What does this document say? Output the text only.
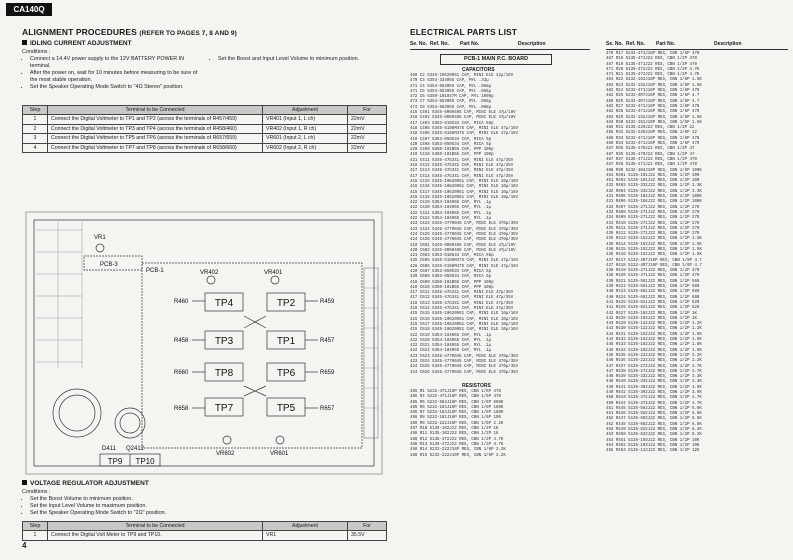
CA140Q
4
ALIGNMENT PROCEDURES (REFER TO PAGES 7, 8 AND 9)
IDLING CURRENT ADJUSTMENT
Conditions :
• Connect a 14.4V power supply to the 12V BATTERY POWER IN terminal.
• After the power on, wait for 10 minutes before measuring to be sure of the most stable operation.
• Set the Speaker Operating Mode Switch to "4Ω Stereo" position.
• Set the Boost and Input Level Volume to minimum position.
Step	Terminal to be Connected	Adjustment	For
1	Connect the Digital Voltmeter to TP1 and TP2 (across the terminals of R457/459)	VR401 (Input 1, L ch)	22mV
2	Connect the Digital Voltmeter to TP3 and TP4 (across the terminals of R458/460)	VR402 (Input 1, R ch)	22mV
3	Connect the Digital Voltmeter to TP5 and TP6 (across the terminals of R657/659)	VR601 (Input 2, L ch)	22mV
4	Connect the Digital Voltmeter to TP7 and TP8 (across the terminals of R658/660)	VR602 (Input 2, R ch)	22mV
VR1
PCB-3
PCB-1	VR402	VR401
R460	R459
R458	R457
R660	R659
R658	R657
D411 Q2412
VR602	VR601
TP4	TP2
TP3	TP1
TP8	TP6
TP7	TP5
TP9 TP10
VOLTAGE REGULATOR ADJUSTMENT
Conditions :
• Set the Boost Volume to minimum position.
• Set the Input Level Volume to maximum position.
• Set the Speaker Operating Mode Switch to "2Ω" position.
Step	Terminal to be Connected	Adjustment	For
1	Connect the Digital Volt Meter to TP9 and TP10.	VR1	35.5V
ELECTRICAL PARTS LIST
Se. No. Ref. No. Part No.	Description	Se. No. Ref. No. Part No.	Description
PCB-1 MAIN P.C. BOARD
CAPACITORS
469 C2 5345-10620951 CAP, MINI ELE 22µ/16V
470 C3 5354-334055 CAP, MYL .33µ
471 C4 5354-683055 CAP, MYL .068µ
471 C5 5354-683055 CAP, MYL .068µ
472 C6 5350-101047M CAP, MYL 1000p
473 C7 5354-683055 CAP, MYL .068µ
474 C8 5354-683055 CAP, MYL .068µ
415 C401 5345-6R60495 CAP, MINI ELE 47µ/10V
416 C402 5345-6R60495 CAP, MINI ELE 47µ/10V
417 C403 5353-010534 CAP, MICA 68p
418 C405 5345-5196M475 CAP, MINI ELE 47µ/16V
418 C406 5345-5196M475 CAP, MINI ELE 47µ/16V
419 C407 5353-050534 CAP, MICA 5p
420 C408 5353-050534 CAP, MICA 5p
420 C409 5350-101B55 CAP, PPP 100p
419 C410 5350-101B55 CAP, PPP 100p
421 C411 5345-47G341 CAP, MINI ELE 47µ/35V
416 C412 5345-47G341 CAP, MINI ELE 47µ/35V
417 C413 5345-47G341 CAP, MINI ELE 47µ/35V
417 C414 5345-47G341 CAP, MINI ELE 47µ/35V
415 C415 5345-10620951 CAP, MINI ELE 10µ/16V
415 C416 5345-10620951 CAP, MINI ELE 10µ/16V
415 C417 5345-10620951 CAP, MINI ELE 10µ/16V
415 C418 5345-10620951 CAP, MINI ELE 10µ/16V
422 C419 5354-104055 CAP, MYL .1µ
422 C420 5354-104055 CAP, MYL .1µ
422 C421 5354-104055 CAP, MYL .1µ
422 C422 5354-104055 CAP, MYL .1µ
423 C423 5345-4770045 CAP, MINI ELE 470µ/35V
423 C424 5345-4770045 CAP, MINI ELE 470µ/35V
424 C425 5345-4770045 CAP, MINI ELE 470µ/35V
424 C426 5345-4770045 CAP, MINI ELE 470µ/35V
419 C601 5345-6R60495 CAP, MINI ELE 47µ/10V
420 C602 5345-6R60495 CAP, MINI ELE 47µ/10V
421 C603 5353-010534 CAP, MICA 68p
425 C605 5345-5196M475 CAP, MINI ELE 47µ/16V
426 C606 5345-5196M475 CAP, MINI ELE 47µ/16V
420 C607 5353-050534 CAP, MICA 5p
420 C608 5353-050534 CAP, MICA 5p
418 C609 5350-101B55 CAP, PPP 100p
418 C610 5350-101B55 CAP, PPP 100p
417 C611 5345-47G341 CAP, MINI ELE 47µ/35V
417 C612 5345-47G341 CAP, MINI ELE 47µ/35V
418 C613 5345-47G341 CAP, MINI ELE 47µ/35V
418 C614 5345-47G341 CAP, MINI ELE 47µ/35V
415 C615 5345-10620951 CAP, MINI ELE 10µ/16V
415 C616 5345-10620951 CAP, MINI ELE 10µ/16V
415 C617 5345-10620951 CAP, MINI ELE 10µ/16V
415 C618 5345-10620951 CAP, MINI ELE 10µ/16V
422 C619 5354-104055 CAP, MYL .1µ
422 C620 5354-104055 CAP, MYL .1µ
422 C621 5354-104055 CAP, MYL .1µ
422 C622 5354-104055 CAP, MYL .1µ
423 C623 5345-4770045 CAP, MINI ELE 470µ/35V
423 C624 5345-4770045 CAP, MINI ELE 470µ/35V
424 C625 5345-4770045 CAP, MINI ELE 470µ/35V
424 C626 5345-4770045 CAP, MINI ELE 470µ/35V
RESISTORS
485 R1 5232-471J16P RES, CBN 1/6P 470
485 R4 5232-471J16P RES, CBN 1/6P 470
485 R5 5232-564J16P RES, CBN 1/6P 560K
485 R6 5232-184J16P RES, CBN 1/6P 180K
485 R7 5232-184J16P RES, CBN 1/6P 180K
486 R8 5232-101J16P RES, CBN 1/6P 100
486 R9 5232-222J16P RES, CBN 1/6P 2.2K
487 R10 5135-102J22 RES, CBN 1/2P 1K
488 R11 5135-102J22 RES, CBN 1/2P 1K
488 R12 5135-472J22 RES, CBN 1/2P 4.7K
488 R13 5135-472J22 RES, CBN 1/2P 4.7K
488 R14 5232-222J16P RES, CBN 1/6P 2.2K
488 R15 5232-222J16P RES, CBN 1/6P 2.2K
476 R17 5232-471J16P RES, CBN 1/6P 470
487 R18 5135-471J22 RES, CBN 1/2P 470
487 R19 5135-471J22 RES, CBN 1/2P 470
471 R20 5135-472J22 RES, CBN 1/2P 4.7K
471 R21 5135-472J22 RES, CBN 1/2P 4.7K
484 R22 5232-152J16P RES, CBN 1/6P 1.5K
483 R23 5232-152J16P RES, CBN 1/6P 1.5K
482 R24 5232-471J16P RES, CBN 1/6P 470
482 R25 5232-4R7J16P RES, CBN 1/6P 4.7
489 R26 5232-4R7J16P RES, CBN 1/6P 4.7
482 R27 5232-471J16P RES, CBN 1/6P 470
482 R28 5232-471J16P RES, CBN 1/6P 470
483 R29 5232-152J16P RES, CBN 1/6P 1.5K
483 R30 5232-152J16P RES, CBN 1/6P 1.5K
485 R31 5135-220J22 RES, CBN 1/2P 22
486 R32 5232-220J16P RES, CBN 1/6P 22
486 R33 5232-471J16P RES, CBN 1/6P 470
486 R34 5232-471J16P RES, CBN 1/6P 470
487 R35 5135-470J22 RES, CBN 1/2P 47
487 R36 5135-470J22 RES, CBN 1/2P 47
487 R37 5135-471J22 RES, CBN 1/2P 470
487 R38 5135-471J22 RES, CBN 1/2P 470
488 R39 5232-104J16P RES, CBN 1/6P 100K
451 R401 5135-101J22 RES, CBN 1/2P 100
451 R402 5135-101J22 RES, CBN 1/2P 100
432 R403 5135-332J22 RES, CBN 1/2P 3.3K
432 R404 5135-332J22 RES, CBN 1/2P 3.3K
431 R405 5135-104J22 RES, CBN 1/2P 100K
431 R406 5135-104J22 RES, CBN 1/2P 100K
433 R407 5135-271J22 RES, CBN 1/2P 270
433 R408 5135-271J22 RES, CBN 1/2P 270
434 R409 5135-271J22 RES, CBN 1/2P 270
434 R410 5135-271J22 RES, CBN 1/2P 270
435 R411 5135-271J22 RES, CBN 1/2P 270
435 R412 5135-271J22 RES, CBN 1/2P 270
435 R413 5135-152J22 RES, CBN 1/2P 1.5K
435 R414 5135-152J22 RES, CBN 1/2P 1.5K
436 R415 5135-152J22 RES, CBN 1/2P 1.5K
436 R416 5135-152J22 RES, CBN 1/2P 1.5K
437 R417 5132-4R7J16P RES, CBN 1/6P 4.7
437 R418 5132-4R7J16P RES, CBN 1/6P 4.7
438 R419 5135-471J22 RES, CBN 1/2P 470
438 R420 5135-471J22 RES, CBN 1/2P 470
439 R421 5135-561J22 RES, CBN 1/2P 560
439 R422 5135-561J22 RES, CBN 1/2P 560
440 R423 5135-681J22 RES, CBN 1/2P 680
440 R424 5135-681J22 RES, CBN 1/2P 680
441 R425 5135-821J22 RES, CBN 1/2P 820
441 R426 5135-821J22 RES, CBN 1/2P 820
442 R427 5135-102J22 RES, CBN 1/2P 1K
442 R428 5135-102J22 RES, CBN 1/2P 1K
443 R429 5135-122J22 RES, CBN 1/2P 1.2K
443 R430 5135-122J22 RES, CBN 1/2P 1.2K
444 R431 5135-152J22 RES, CBN 1/2P 1.5K
444 R432 5135-152J22 RES, CBN 1/2P 1.5K
445 R433 5135-182J22 RES, CBN 1/2P 1.8K
445 R434 5135-182J22 RES, CBN 1/2P 1.8K
446 R435 5135-222J22 RES, CBN 1/2P 2.2K
446 R436 5135-222J22 RES, CBN 1/2P 2.2K
447 R437 5135-272J22 RES, CBN 1/2P 2.7K
447 R438 5135-272J22 RES, CBN 1/2P 2.7K
448 R439 5135-332J22 RES, CBN 1/2P 3.3K
448 R440 5135-332J22 RES, CBN 1/2P 3.3K
449 R441 5135-392J22 RES, CBN 1/2P 3.9K
449 R442 5135-392J22 RES, CBN 1/2P 3.9K
450 R443 5135-472J22 RES, CBN 1/2P 4.7K
450 R444 5135-472J22 RES, CBN 1/2P 4.7K
451 R445 5135-562J22 RES, CBN 1/2P 5.6K
451 R446 5135-562J22 RES, CBN 1/2P 5.6K
452 R447 5135-682J22 RES, CBN 1/2P 6.8K
452 R448 5135-682J22 RES, CBN 1/2P 6.8K
453 R449 5135-822J22 RES, CBN 1/2P 8.2K
453 R450 5135-822J22 RES, CBN 1/2P 8.2K
454 R451 5135-103J22 RES, CBN 1/2P 10K
454 R452 5135-103J22 RES, CBN 1/2P 10K
455 R453 5135-123J22 RES, CBN 1/2P 12K
